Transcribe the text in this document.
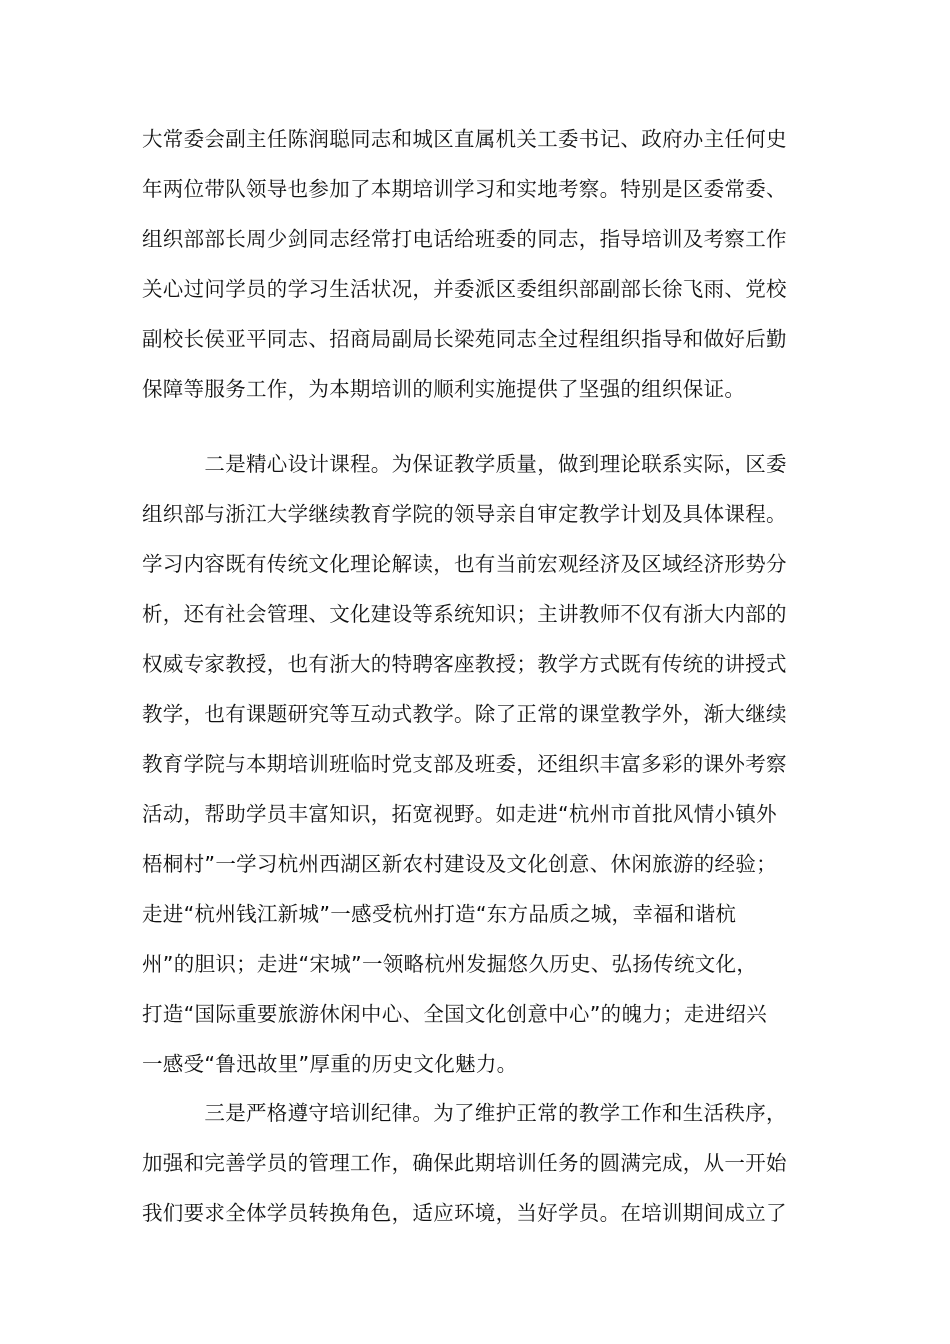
大常委会副主任陈润聪同志和城区直属机关工委书记、政府办主任何史
年两位带队领导也参加了本期培训学习和实地考察。特别是区委常委、
组织部部长周少剑同志经常打电话给班委的同志，指导培训及考察工作
关心过问学员的学习生活状况，并委派区委组织部副部长徐飞雨、党校
副校长侯亚平同志、招商局副局长梁苑同志全过程组织指导和做好后勤
保障等服务工作，为本期培训的顺利实施提供了坚强的组织保证。
　　　二是精心设计课程。为保证教学质量，做到理论联系实际，区委
组织部与浙江大学继续教育学院的领导亲自审定教学计划及具体课程。
学习内容既有传统文化理论解读，也有当前宏观经济及区域经济形势分
析，还有社会管理、文化建设等系统知识；主讲教师不仅有浙大内部的
权威专家教授，也有浙大的特聘客座教授；教学方式既有传统的讲授式
教学，也有课题研究等互动式教学。除了正常的课堂教学外，渐大继续
教育学院与本期培训班临时党支部及班委，还组织丰富多彩的课外考察
活动，帮助学员丰富知识，拓宽视野。如走进“杭州市首批风情小镇外
梧桐村”一学习杭州西湖区新农村建设及文化创意、休闲旅游的经验；
走进“杭州钱江新城”一感受杭州打造“东方品质之城，幸福和谐杭
州”的胆识；走进“宋城”一领略杭州发掘悠久历史、弘扬传统文化，
打造“国际重要旅游休闲中心、全国文化创意中心”的魄力；走进绍兴
一感受“鲁迅故里”厚重的历史文化魅力。
　　　三是严格遵守培训纪律。为了维护正常的教学工作和生活秩序，
加强和完善学员的管理工作，确保此期培训任务的圆满完成，从一开始
我们要求全体学员转换角色，适应环境，当好学员。在培训期间成立了
